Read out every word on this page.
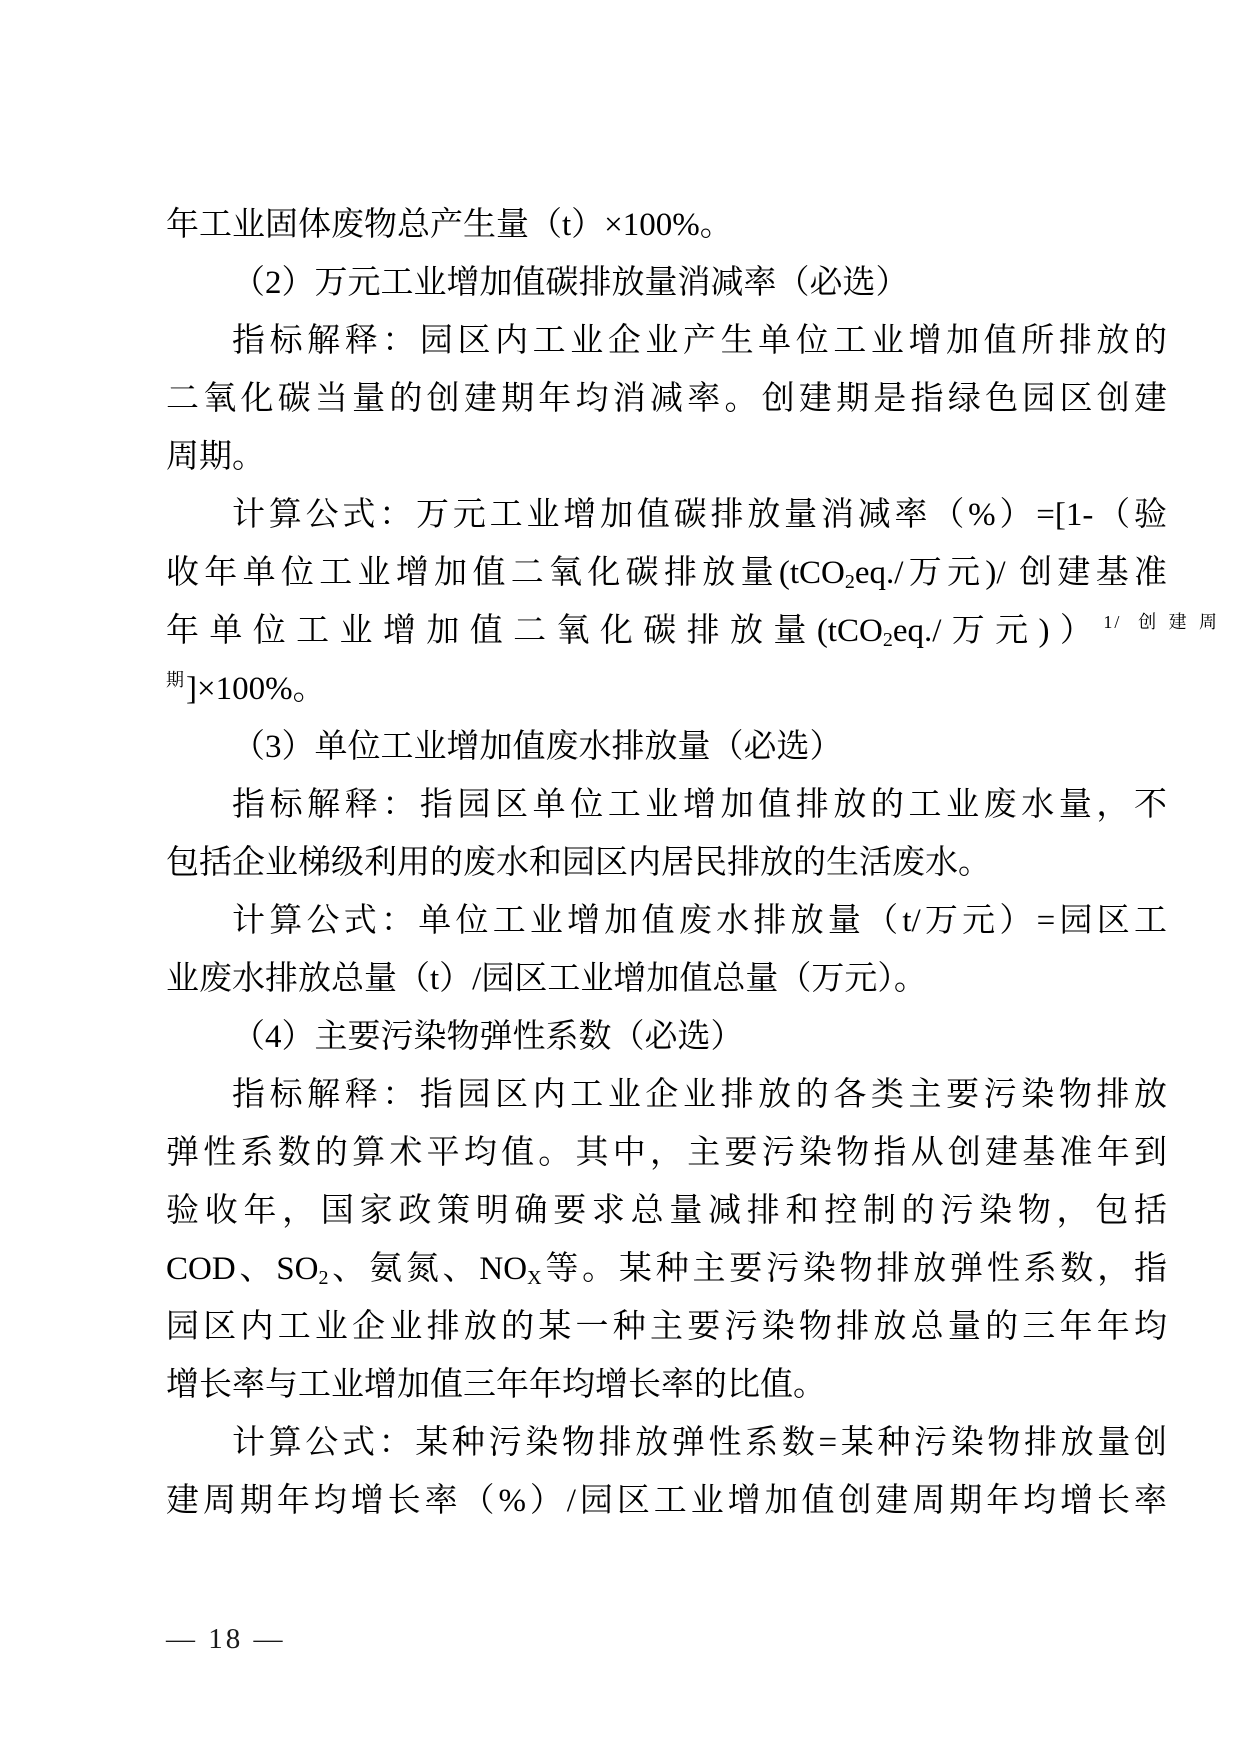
年工业固体废物总产生量（t）×100%。
（2）万元工业增加值碳排放量消减率（必选）
指标解释：园区内工业企业产生单位工业增加值所排放的
二氧化碳当量的创建期年均消减率。创建期是指绿色园区创建
周期。
计算公式：万元工业增加值碳排放量消减率（%）=[1-（验
收年单位工业增加值二氧化碳排放量(tCO$_2$eq./万元)/ 创建基准
年单位工业增加值二氧化碳排放量(tCO$_2$eq./万元)）$^{1/ 创建周}$
$^期$]×100%。
（3）单位工业增加值废水排放量（必选）
指标解释：指园区单位工业增加值排放的工业废水量，不
包括企业梯级利用的废水和园区内居民排放的生活废水。
计算公式：单位工业增加值废水排放量（t/万元）=园区工
业废水排放总量（t）/园区工业增加值总量（万元）。
（4）主要污染物弹性系数（必选）
指标解释：指园区内工业企业排放的各类主要污染物排放
弹性系数的算术平均值。其中，主要污染物指从创建基准年到
验收年，国家政策明确要求总量减排和控制的污染物，包括
COD、$SO_2$、氨氮、$NO_X$等。某种主要污染物排放弹性系数，指
园区内工业企业排放的某一种主要污染物排放总量的三年年均
增长率与工业增加值三年年均增长率的比值。
计算公式：某种污染物排放弹性系数=某种污染物排放量创
建周期年均增长率（%）/园区工业增加值创建周期年均增长率
— 18 —
